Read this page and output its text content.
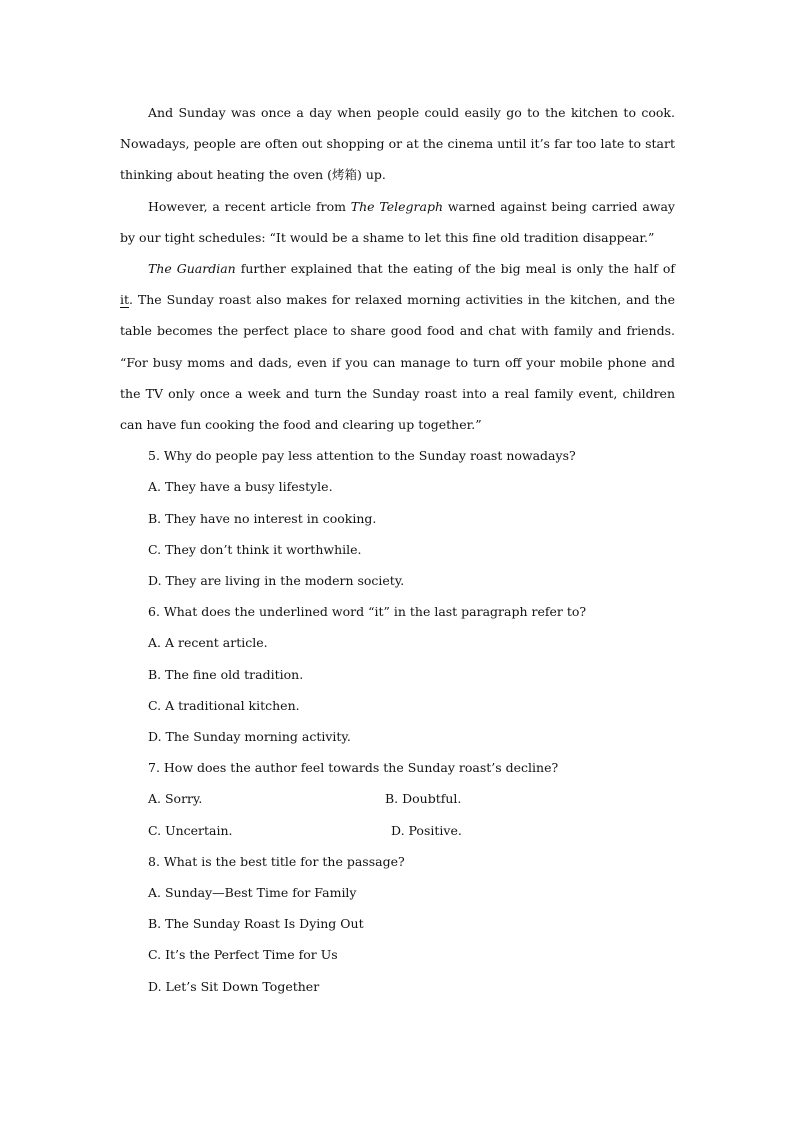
And Sunday was once a day when people could easily go to the kitchen to cook. Nowadays, people are often out shopping or at the cinema until it’s far too late to start thinking about heating the oven (烤箱) up.

However, a recent article from The Telegraph warned against being carried away by our tight schedules: “It would be a shame to let this fine old tradition disappear.”

The Guardian further explained that the eating of the big meal is only the half of it. The Sunday roast also makes for relaxed morning activities in the kitchen, and the table becomes the perfect place to share good food and chat with family and friends. “For busy moms and dads, even if you can manage to turn off your mobile phone and the TV only once a week and turn the Sunday roast into a real family event, children can have fun cooking the food and clearing up together.”

5. Why do people pay less attention to the Sunday roast nowadays?

A. They have a busy lifestyle.

B. They have no interest in cooking.

C. They don’t think it worthwhile.

D. They are living in the modern society.

6. What does the underlined word “it” in the last paragraph refer to?

A. A recent article.

B. The fine old tradition.

C. A traditional kitchen.

D. The Sunday morning activity.

7. How does the author feel towards the Sunday roast’s decline?

A. Sorry.	B. Doubtful.
C. Uncertain.	D. Positive.

8. What is the best title for the passage?

A. Sunday—Best Time for Family

B. The Sunday Roast Is Dying Out

C. It’s the Perfect Time for Us

D. Let’s Sit Down Together
